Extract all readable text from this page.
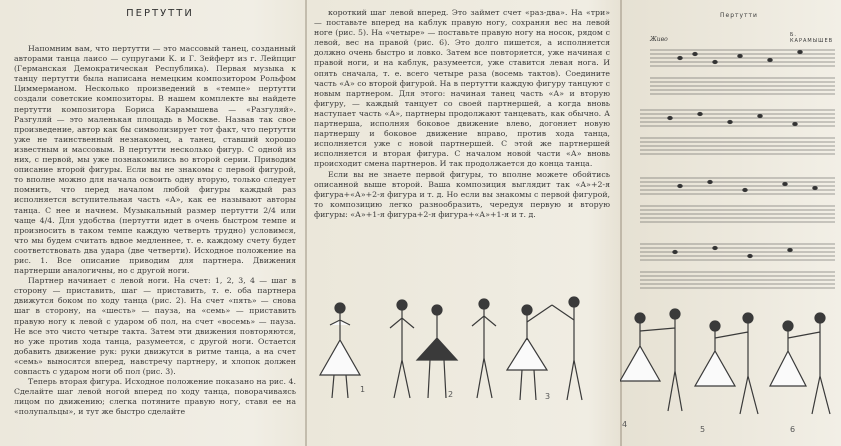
ПЕРТУТТИ

Напомним вам, что пертутти — это массовый танец, созданный авторами танца лаисо — супругами К. и Г. Зейферт из г. Лейпциг (Германская Демократическая Республика). Первая музыка к танцу пертутти была написана немецким композитором Рольфом Циммерманом. Несколько произведений в «темпе» пертутти создали советские композиторы. В нашем комплекте вы найдете пертутти композитора Бориса Карамышева — «Разгуляй». Разгуляй — это маленькая площадь в Москве. Назвав так свое произведение, автор как бы символизирует тот факт, что пертутти уже не таинственный незнакомец, а танец, ставший хорошо известным и массовым. В пертутти несколько фигур. С одной из них, с первой, мы уже познакомились во второй серии. Приводим описание второй фигуры. Если вы не знакомы с первой фигурой, то вполне можно для начала освоить одну вторую, только следует помнить, что перед началом любой фигуры каждый раз исполняется вступительная часть «А», как ее называют авторы танца. С нее и начнем. Музыкальный размер пертутти 2/4 или чаще 4/4. Для удобства (пертутти идет в очень быстром темпе и произносить в таком темпе каждую четверть трудно) условимся, что мы будем считать вдвое медленнее, т. е. каждому счету будет соответствовать два удара (две четверти). Исходное положение на рис. 1. Все описание приводим для партнера. Движения партнерши аналогичны, но с другой ноги.

Партнер начинает с левой ноги. На счет: 1, 2, 3, 4 — шаг в сторону — приставить, шаг — приставить, т. е. оба партнера движутся боком по ходу танца (рис. 2). На счет «пять» — снова шаг в сторону, на «шесть» — пауза, на «семь» — приставить правую ногу к левой с ударом об пол, на счет «восемь» — пауза. Не все это чисто четыре такта. Затем эти движения повторяются, но уже против хода танца, разумеется, с другой ноги. Остается добавить движение рук: руки движутся в ритме танца, а на счет «семь» выносятся вперед, навстречу партнеру, и хлопок должен совпасть с ударом ноги об пол (рис. 3).

Теперь вторая фигура. Исходное положение показано на рис. 4. Сделайте шаг левой ногой вперед по ходу танца, поворачиваясь лицом по движению; слегка потяните правую ногу, ставя ее на «полупальцы», и тут же быстро сделайте

короткий шаг левой вперед. Это займет счет «раз-два». На «три» — поставьте вперед на каблук правую ногу, сохраняя вес на левой ноге (рис. 5). На «четыре» — поставьте правую ногу на носок, рядом с левой, вес на правой (рис. 6). Это долго пишется, а исполняется должно очень быстро и ловко. Затем все повторяется, уже начиная с правой ноги, и на каблук, разумеется, уже ставится левая нога. И опять сначала, т. е. всего четыре раза (восемь тактов). Соедините часть «А» со второй фигурой. На в пертутти каждую фигуру танцуют с новым партнером. Для этого: начиная танец часть «А» и вторую фигуру, — каждый танцует со своей партнершей, а когда вновь наступает часть «А», партнеры продолжают танцевать, как обычно. А партнерша, исполняя боковое движение влево, догоняет новую партнершу и боковое движение вправо, против хода танца, исполняется уже с новой партнершей. С этой же партнершей исполняется и вторая фигура. С началом новой части «А» вновь происходит смена партнеров. И так продолжается до конца танца.

Если вы не знаете первой фигуры, то вполне можете обойтись описанной выше второй. Ваша композиция выглядит так «А»+2-я фигура+«А»+2-я фигура и т. д. Но если вы знакомы с первой фигурой, то композицию легко разнообразить, чередуя первую и вторую фигуры: «А»+1-я фигура+2-я фигура+«А»+1-я и т. д.

1
2	3
Пертутти
Б. КАРАМЫШЕВ
Живо
4
5	6
